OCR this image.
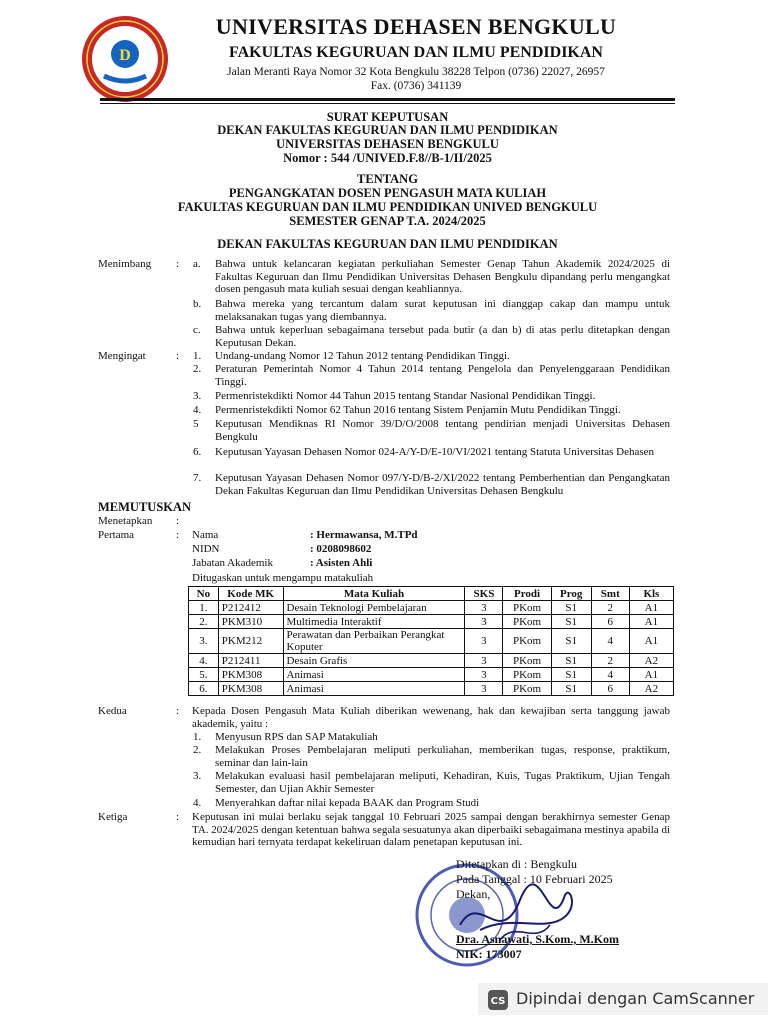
D
UNIVERSITAS DEHASEN BENGKULU
FAKULTAS KEGURUAN DAN ILMU PENDIDIKAN
Jalan Meranti Raya Nomor 32 Kota Bengkulu 38228 Telpon (0736) 22027, 26957
Fax. (0736) 341139
SURAT KEPUTUSAN
DEKAN FAKULTAS KEGURUAN DAN ILMU PENDIDIKAN
UNIVERSITAS DEHASEN BENGKULU
Nomor : 544 /UNIVED.F.8//B-1/II/2025
TENTANG
PENGANGKATAN DOSEN PENGASUH MATA KULIAH
FAKULTAS KEGURUAN DAN ILMU PENDIDIKAN UNIVED BENGKULU
SEMESTER GENAP T.A. 2024/2025
DEKAN FAKULTAS KEGURUAN DAN ILMU PENDIDIKAN
Menimbang : a. Bahwa untuk kelancaran kegiatan perkuliahan Semester Genap Tahun Akademik 2024/2025 di Fakultas Keguruan dan Ilmu Pendidikan Universitas Dehasen Bengkulu dipandang perlu mengangkat dosen pengasuh mata kuliah sesuai dengan keahliannya.
b. Bahwa mereka yang tercantum dalam surat keputusan ini dianggap cakap dan mampu untuk melaksanakan tugas yang diembannya.
c. Bahwa untuk keperluan sebagaimana tersebut pada butir (a dan b) di atas perlu ditetapkan dengan Keputusan Dekan.
Mengingat	: 1. Undang-undang Nomor 12 Tahun 2012 tentang Pendidikan Tinggi.
2. Peraturan Pemerintah Nomor 4 Tahun 2014 tentang Pengelola dan Penyelenggaraan Pendidikan Tinggi.
3. Permenristekdikti Nomor 44 Tahun 2015 tentang Standar Nasional Pendidikan Tinggi.
4. Permenristekdikti Nomor 62 Tahun 2016 tentang Sistem Penjamin Mutu Pendidikan Tinggi.
5 Keputusan Mendiknas RI Nomor 39/D/O/2008 tentang pendirian menjadi Universitas Dehasen Bengkulu
6. Keputusan Yayasan Dehasen Nomor 024-A/Y-D/E-10/VI/2021 tentang Statuta Universitas Dehasen
7. Keputusan Yayasan Dehasen Nomor 097/Y-D/B-2/XI/2022 tentang Pemberhentian dan Pengangkatan Dekan Fakultas Keguruan dan Ilmu Pendidikan Universitas Dehasen Bengkulu
MEMUTUSKAN
Menetapkan :
Pertama	: Nama	: Hermawansa, M.TPd
NIDN	: 0208098602
Jabatan Akademik	: Asisten Ahli
Ditugaskan untuk mengampu matakuliah
No	Kode MK	Mata Kuliah	SKS	Prodi	Prog	Smt	Kls
1.	P212412	Desain Teknologi Pembelajaran	3	PKom	S1	2	A1
2.	PKM310	Multimedia Interaktif	3	PKom	S1	6	A1
3.	PKM212	Perawatan dan Perbaikan Perangkat Koputer	3	PKom	S1	4	A1
4.	P212411	Desain Grafis	3	PKom	S1	2	A2
5.	PKM308	Animasi	3	PKom	S1	4	A1
6.	PKM308	Animasi	3	PKom	S1	6	A2
Kedua	: Kepada Dosen Pengasuh Mata Kuliah diberikan wewenang, hak dan kewajiban serta tanggung jawab akademik, yaitu :
1. Menyusun RPS dan SAP Matakuliah
2. Melakukan Proses Pembelajaran meliputi perkuliahan, memberikan tugas, response, praktikum, seminar dan lain-lain
3. Melakukan evaluasi hasil pembelajaran meliputi, Kehadiran, Kuis, Tugas Praktikum, Ujian Tengah Semester, dan Ujian Akhir Semester
4. Menyerahkan daftar nilai kepada BAAK dan Program Studi
Ketiga	: Keputusan ini mulai berlaku sejak tanggal 10 Februari 2025 sampai dengan berakhirnya semester Genap TA. 2024/2025 dengan ketentuan bahwa segala sesuatunya akan diperbaiki sebagaimana mestinya apabila di kemudian hari ternyata terdapat kekeliruan dalam penetapan keputusan ini.
Ditetapkan di : Bengkulu
Pada Tanggal : 10 Februari 2025
Dekan,
Dra. Asnawati, S.Kom., M.Kom
NIK: 173007
CS Dipindai dengan CamScanner
